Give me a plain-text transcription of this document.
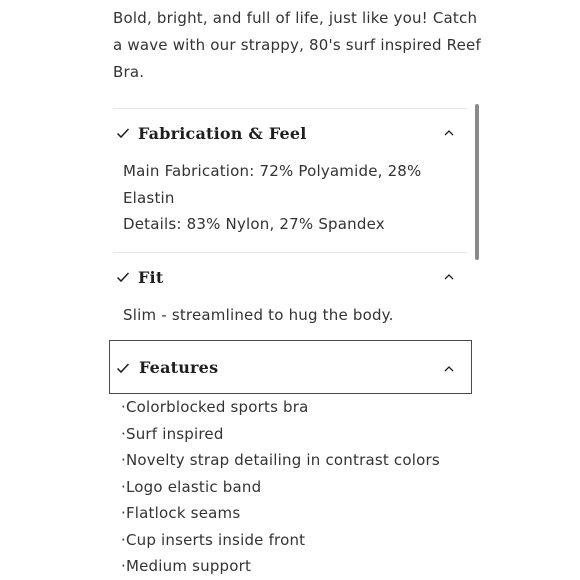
Bold, bright, and full of life, just like you! Catch a wave with our strappy, 80's surf inspired Reef Bra.
Fabrication & Feel
Main Fabrication: 72% Polyamide, 28% Elastin
Details: 83% Nylon, 27% Spandex
Fit
Slim - streamlined to hug the body.
Features
· Colorblocked sports bra
· Surf inspired
· Novelty strap detailing in contrast colors
· Logo elastic band
· Flatlock seams
· Cup inserts inside front
· Medium support
